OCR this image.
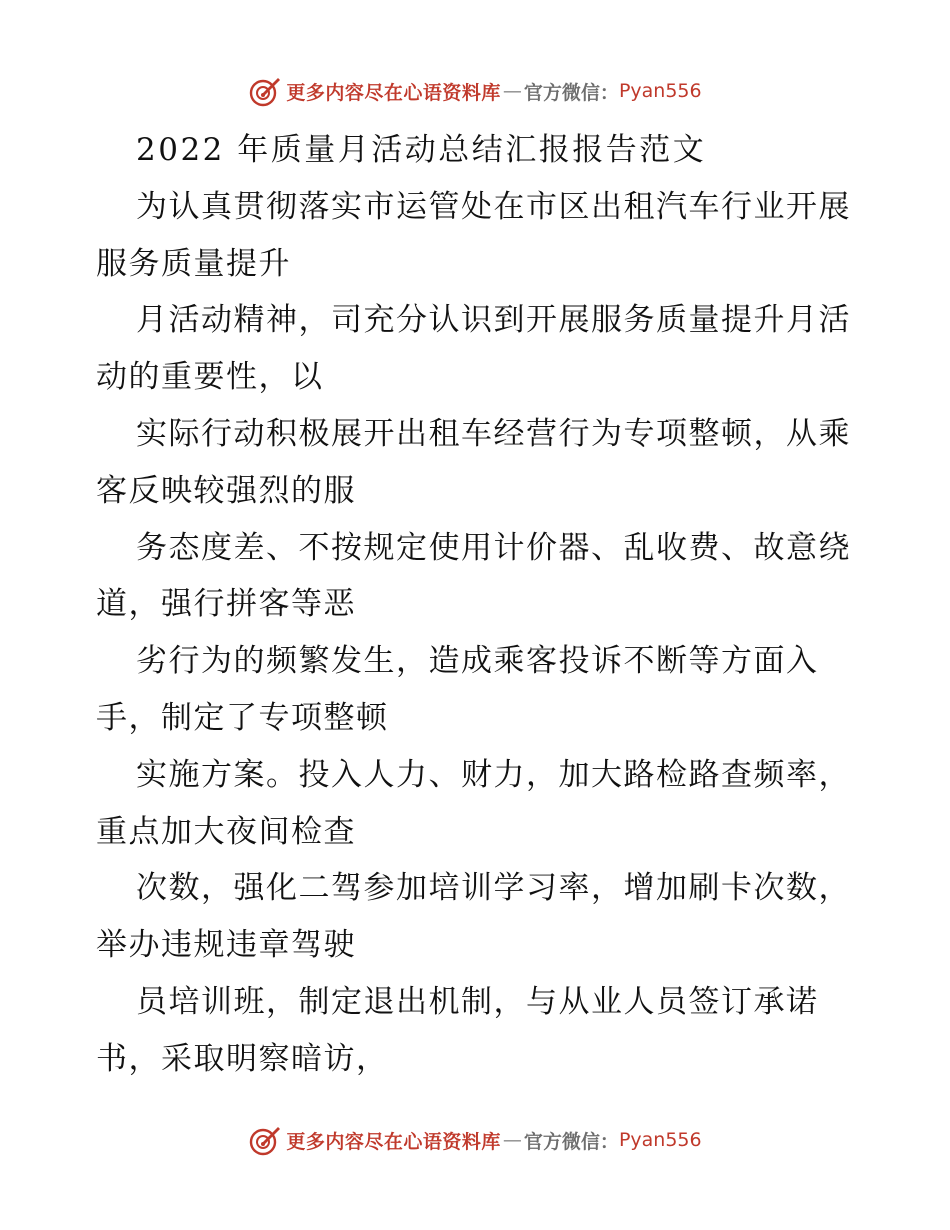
更多内容尽在心语资料库 — 官方微信： Pyan556

2022 年质量月活动总结汇报报告范文

为认真贯彻落实市运管处在市区出租汽车行业开展服务质量提升

月活动精神，司充分认识到开展服务质量提升月活动的重要性，以

实际行动积极展开出租车经营行为专项整顿，从乘客反映较强烈的服

务态度差、不按规定使用计价器、乱收费、故意绕道，强行拼客等恶

劣行为的频繁发生，造成乘客投诉不断等方面入手，制定了专项整顿

实施方案。投入人力、财力，加大路检路查频率，重点加大夜间检查

次数，强化二驾参加培训学习率，增加刷卡次数，举办违规违章驾驶

员培训班，制定退出机制，与从业人员签订承诺书，采取明察暗访，

更多内容尽在心语资料库 — 官方微信： Pyan556
